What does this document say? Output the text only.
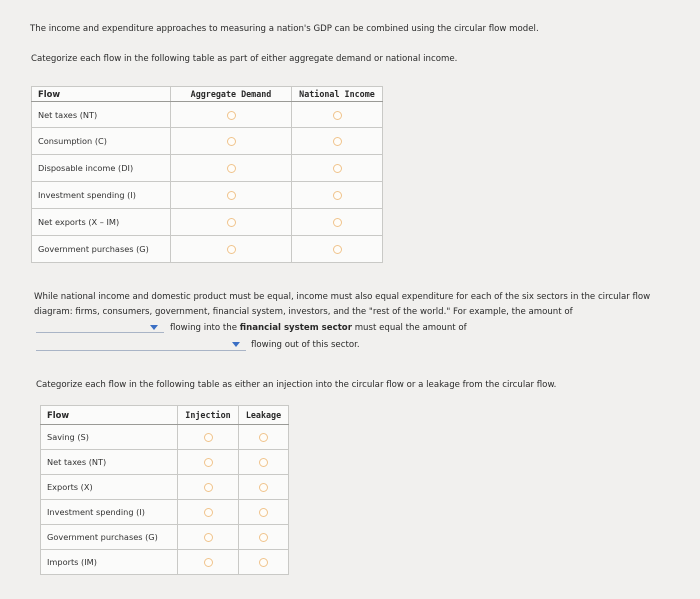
The income and expenditure approaches to measuring a nation's GDP can be combined using the circular flow model.

Categorize each flow in the following table as part of either aggregate demand or national income.

Flow	Aggregate Demand	National Income
Net taxes (NT)		
Consumption (C)		
Disposable income (DI)		
Investment spending (I)		
Net exports (X – IM)		
Government purchases (G)		

While national income and domestic product must be equal, income must also equal expenditure for each of the six sectors in the circular flow

diagram: firms, consumers, government, financial system, investors, and the "rest of the world." For example, the amount of

flowing into the financial system sector must equal the amount of

flowing out of this sector.

Categorize each flow in the following table as either an injection into the circular flow or a leakage from the circular flow.

Flow	Injection	Leakage
Saving (S)		
Net taxes (NT)		
Exports (X)		
Investment spending (I)		
Government purchases (G)		
Imports (IM)		
